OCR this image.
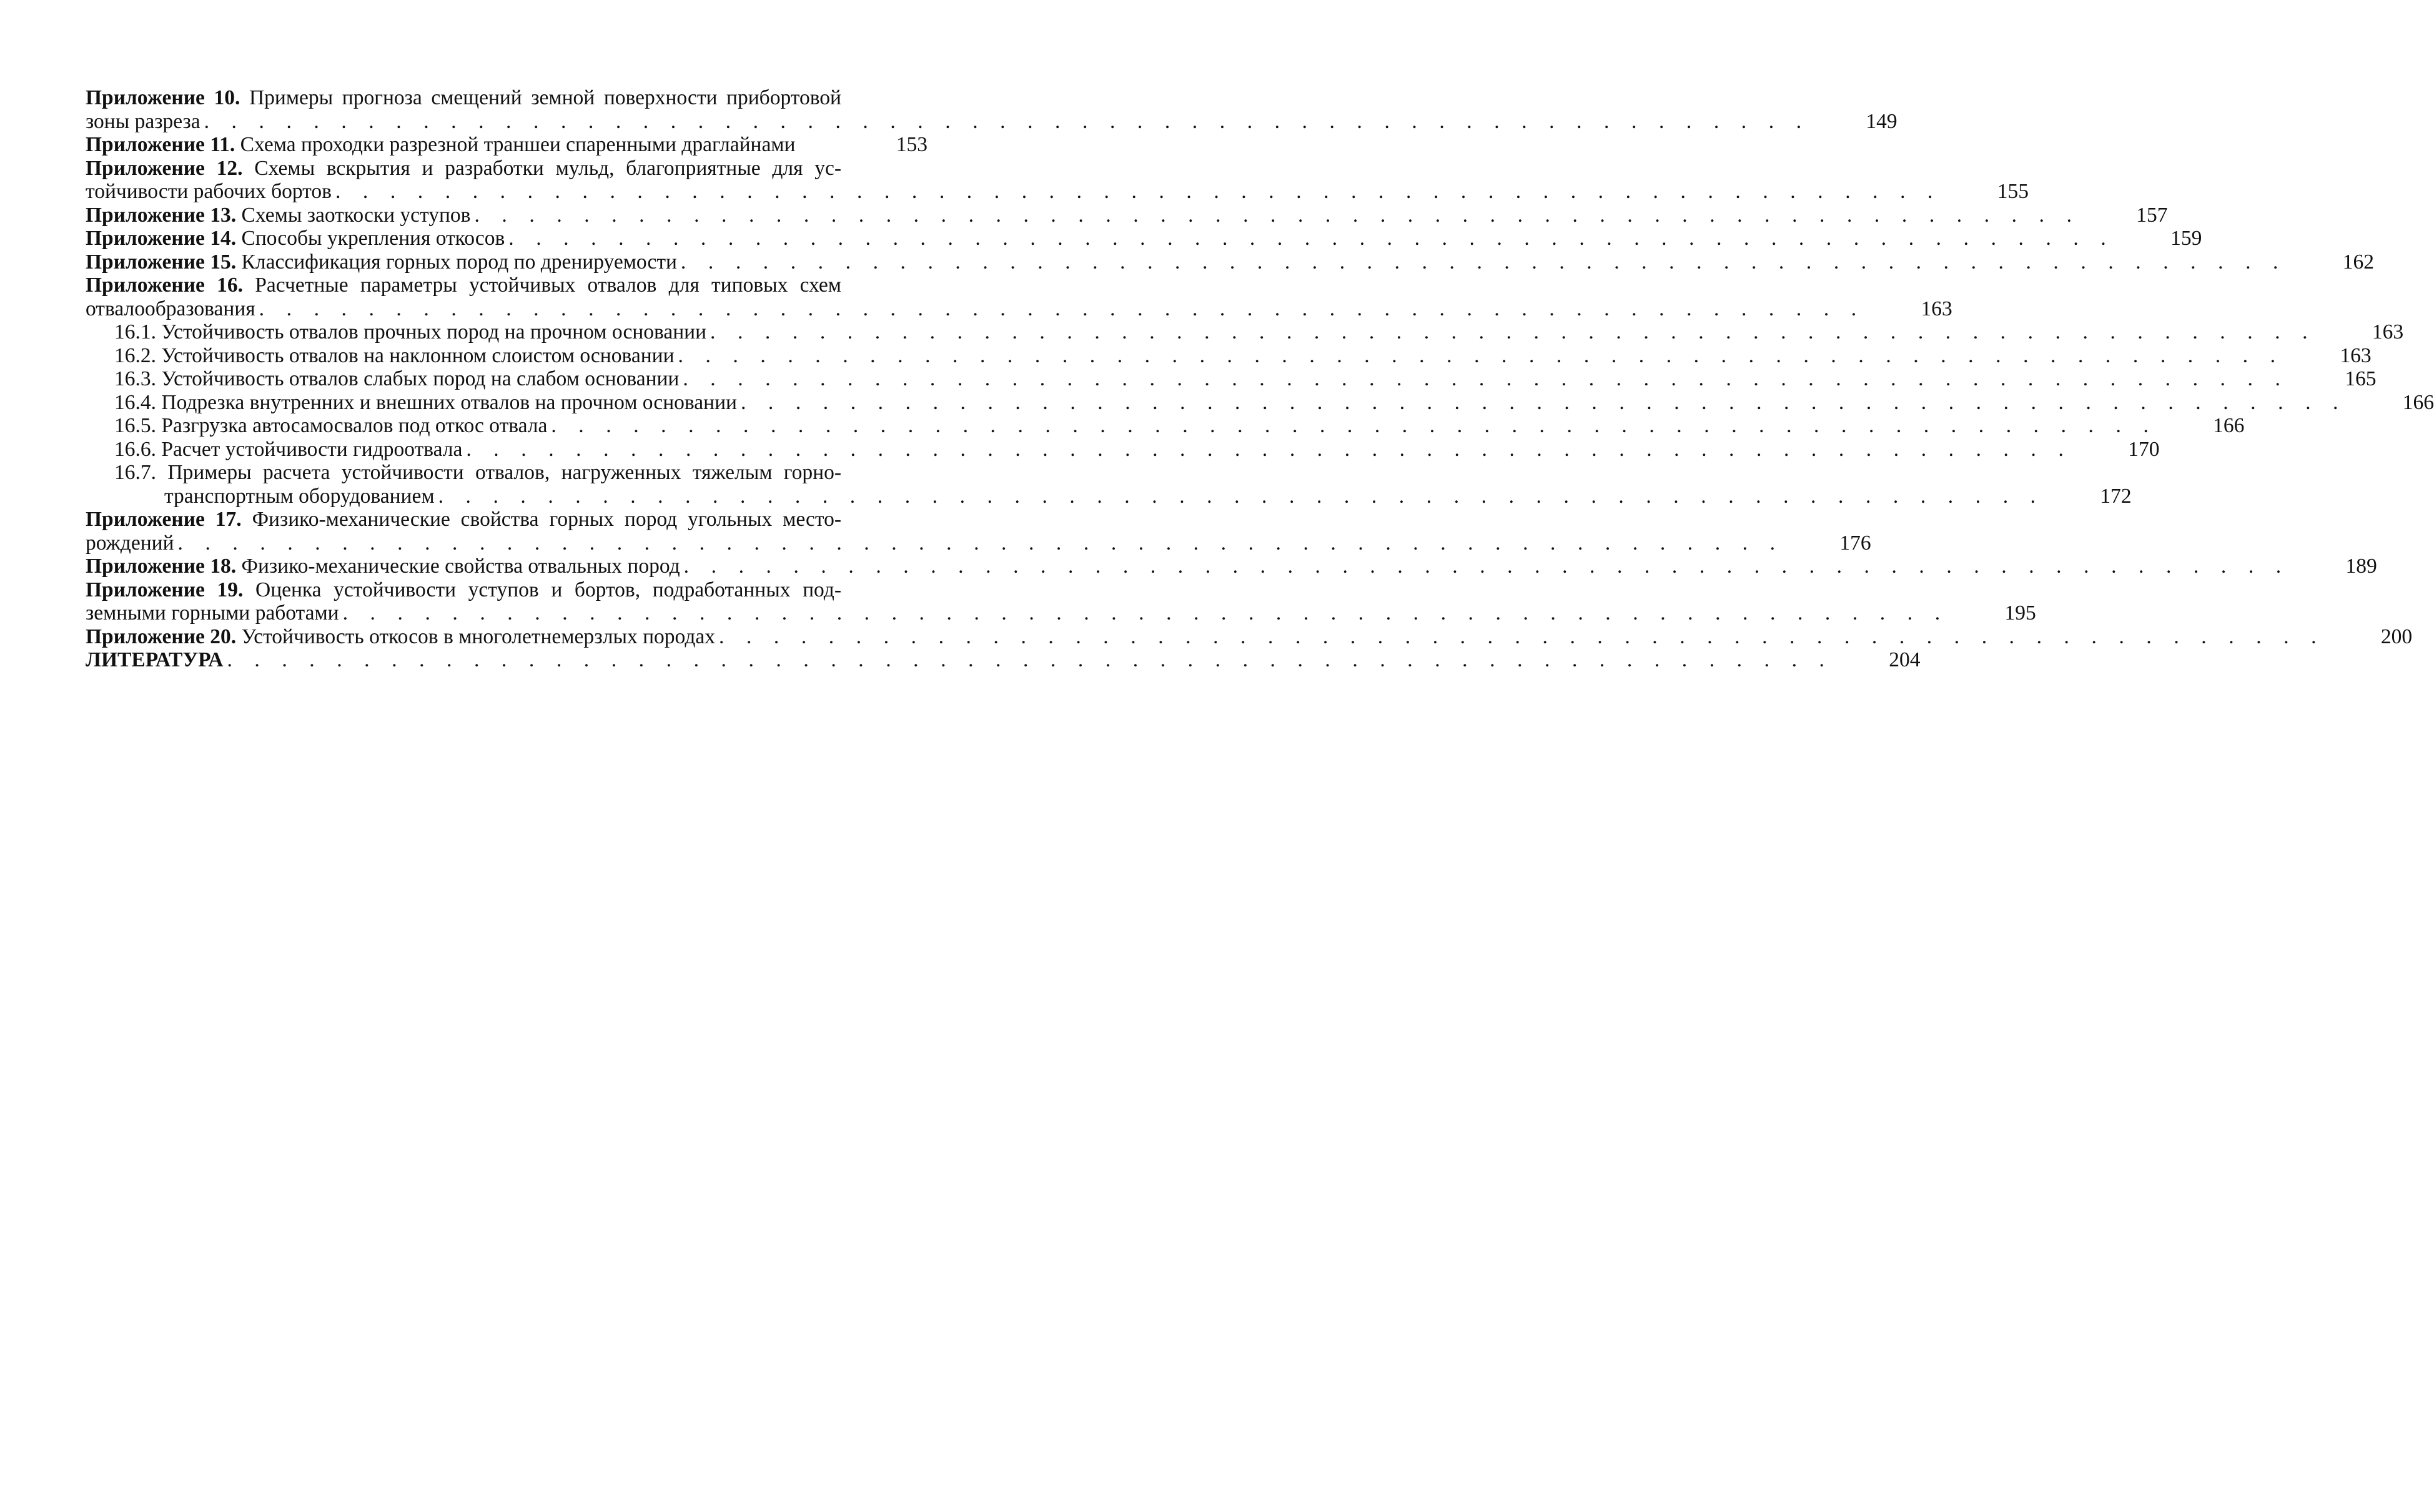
Приложение 10. Примеры прогноза смещений земной поверхности прибортовой
зоны разреза . . . . . . . . . . . . . . . . . . . . . . . . . . . . . . . . . . . . . . . . . . . . . . . . . . . . . . . . . . .	149
Приложение 11. Схема проходки разрезной траншеи спаренными драглайнами	153
Приложение 12. Схемы вскрытия и разработки мульд, благоприятные для ус-
тойчивости рабочих бортов . . . . . . . . . . . . . . . . . . . . . . . . . . . . . . . . . . . . . . . . . . . . . . . . . . . . . . . . . . .	155
Приложение 13. Схемы заоткоски уступов . . . . . . . . . . . . . . . . . . . . . . . . . . . . . . . . . . . . . . . . . . . . . . . . . . . . . . . . . . .	157
Приложение 14. Способы укрепления откосов . . . . . . . . . . . . . . . . . . . . . . . . . . . . . . . . . . . . . . . . . . . . . . . . . . . . . . . . . . .	159
Приложение 15. Классификация горных пород по дренируемости . . . . . . . . . . . . . . . . . . . . . . . . . . . . . . . . . . . . . . . . . . . . . . . . . . . . . . . . . . .	162
Приложение 16. Расчетные параметры устойчивых отвалов для типовых схем
отвалообразования . . . . . . . . . . . . . . . . . . . . . . . . . . . . . . . . . . . . . . . . . . . . . . . . . . . . . . . . . . .	163
16.1. Устойчивость отвалов прочных пород на прочном основании . . . . . . . . . . . . . . . . . . . . . . . . . . . . . . . . . . . . . . . . . . . . . . . . . . . . . . . . . . .	163
16.2. Устойчивость отвалов на наклонном слоистом основании . . . . . . . . . . . . . . . . . . . . . . . . . . . . . . . . . . . . . . . . . . . . . . . . . . . . . . . . . . .	163
16.3. Устойчивость отвалов слабых пород на слабом основании . . . . . . . . . . . . . . . . . . . . . . . . . . . . . . . . . . . . . . . . . . . . . . . . . . . . . . . . . . .	165
16.4. Подрезка внутренних и внешних отвалов на прочном основании . . . . . . . . . . . . . . . . . . . . . . . . . . . . . . . . . . . . . . . . . . . . . . . . . . . . . . . . . . .	166
16.5. Разгрузка автосамосвалов под откос отвала . . . . . . . . . . . . . . . . . . . . . . . . . . . . . . . . . . . . . . . . . . . . . . . . . . . . . . . . . . .	166
16.6. Расчет устойчивости гидроотвала . . . . . . . . . . . . . . . . . . . . . . . . . . . . . . . . . . . . . . . . . . . . . . . . . . . . . . . . . . .	170
16.7. Примеры расчета устойчивости отвалов, нагруженных тяжелым горно-
транспортным оборудованием . . . . . . . . . . . . . . . . . . . . . . . . . . . . . . . . . . . . . . . . . . . . . . . . . . . . . . . . . . .	172
Приложение 17. Физико-механические свойства горных пород угольных место-
рождений . . . . . . . . . . . . . . . . . . . . . . . . . . . . . . . . . . . . . . . . . . . . . . . . . . . . . . . . . . .	176
Приложение 18. Физико-механические свойства отвальных пород . . . . . . . . . . . . . . . . . . . . . . . . . . . . . . . . . . . . . . . . . . . . . . . . . . . . . . . . . . .	189
Приложение 19. Оценка устойчивости уступов и бортов, подработанных под-
земными горными работами . . . . . . . . . . . . . . . . . . . . . . . . . . . . . . . . . . . . . . . . . . . . . . . . . . . . . . . . . . .	195
Приложение 20. Устойчивость откосов в многолетнемерзлых породах . . . . . . . . . . . . . . . . . . . . . . . . . . . . . . . . . . . . . . . . . . . . . . . . . . . . . . . . . . .	200
ЛИТЕРАТУРА . . . . . . . . . . . . . . . . . . . . . . . . . . . . . . . . . . . . . . . . . . . . . . . . . . . . . . . . . . .	204
